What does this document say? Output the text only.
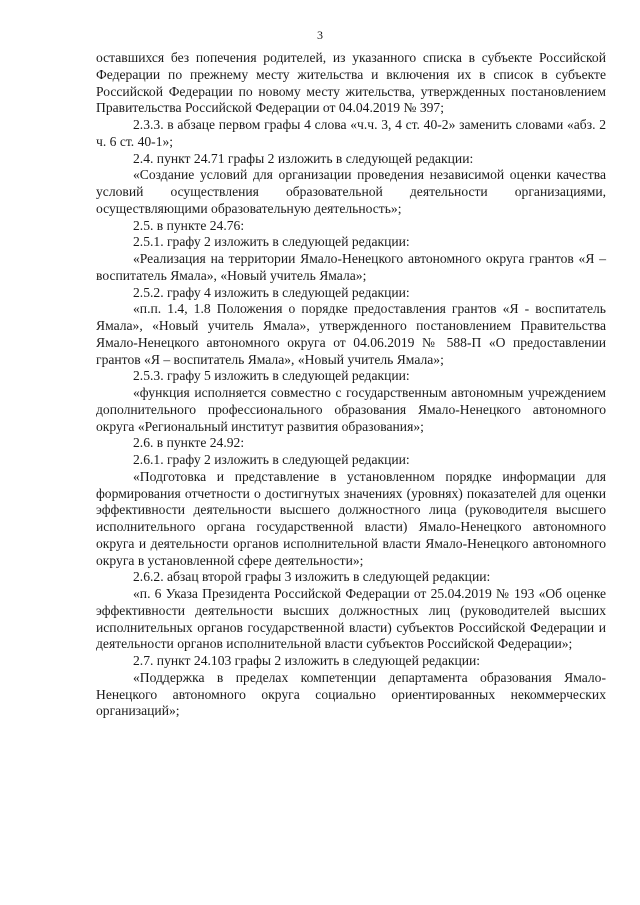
3

оставшихся без попечения родителей, из указанного списка в субъекте Российской Федерации по прежнему месту жительства и включения их в список в субъекте Российской Федерации по новому месту жительства, утвержденных постановлением Правительства Российской Федерации от 04.04.2019 № 397;

2.3.3. в абзаце первом графы 4 слова «ч.ч. 3, 4 ст. 40-2» заменить словами «абз. 2 ч. 6 ст. 40-1»;

2.4. пункт 24.71 графы 2 изложить в следующей редакции:

«Создание условий для организации проведения независимой оценки качества условий осуществления образовательной деятельности организациями, осуществляющими образовательную деятельность»;

2.5. в пункте 24.76:

2.5.1. графу 2 изложить в следующей редакции:

«Реализация на территории Ямало-Ненецкого автономного округа грантов «Я – воспитатель Ямала», «Новый учитель Ямала»;

2.5.2. графу 4 изложить в следующей редакции:

«п.п. 1.4, 1.8 Положения о порядке предоставления грантов «Я - воспитатель Ямала», «Новый учитель Ямала», утвержденного постановлением Правительства Ямало-Ненецкого автономного округа от 04.06.2019 № 588-П «О предоставлении грантов «Я – воспитатель Ямала», «Новый учитель Ямала»;

2.5.3. графу 5 изложить в следующей редакции:

«функция исполняется совместно с государственным автономным учреждением дополнительного профессионального образования Ямало-Ненецкого автономного округа «Региональный институт развития образования»;

2.6. в пункте 24.92:

2.6.1. графу 2 изложить в следующей редакции:

«Подготовка и представление в установленном порядке информации для формирования отчетности о достигнутых значениях (уровнях) показателей для оценки эффективности деятельности высшего должностного лица (руководителя высшего исполнительного органа государственной власти) Ямало-Ненецкого автономного округа и деятельности органов исполнительной власти Ямало-Ненецкого автономного округа в установленной сфере деятельности»;

2.6.2. абзац второй графы 3 изложить в следующей редакции:

«п. 6 Указа Президента Российской Федерации от 25.04.2019 № 193 «Об оценке эффективности деятельности высших должностных лиц (руководителей высших исполнительных органов государственной власти) субъектов Российской Федерации и деятельности органов исполнительной власти субъектов Российской Федерации»;

2.7. пункт 24.103 графы 2 изложить в следующей редакции:

«Поддержка в пределах компетенции департамента образования Ямало-Ненецкого автономного округа социально ориентированных некоммерческих организаций»;
